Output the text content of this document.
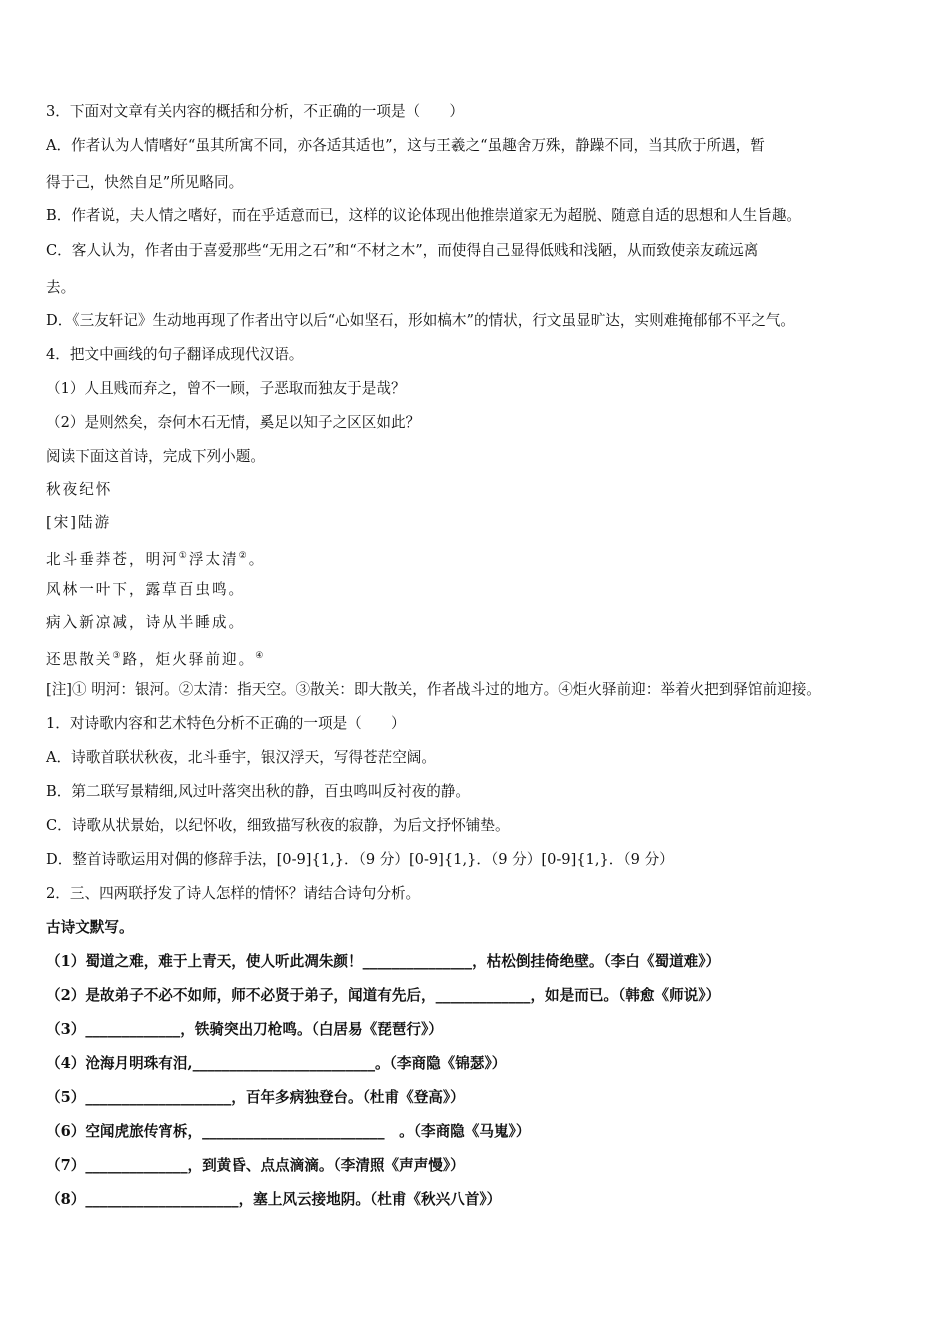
3．下面对文章有关内容的概括和分析，不正确的一项是（　　）
A．作者认为人情嗜好“虽其所寓不同，亦各适其适也”，这与王羲之“虽趣舍万殊，静躁不同，当其欣于所遇，暂
得于己，快然自足”所见略同。
B．作者说，夫人情之嗜好，而在乎适意而已，这样的议论体现出他推崇道家无为超脱、随意自适的思想和人生旨趣。
C．客人认为，作者由于喜爱那些“无用之石”和“不材之木”，而使得自己显得低贱和浅陋，从而致使亲友疏远离
去。
D．《三友轩记》生动地再现了作者出守以后“心如坚石，形如槁木”的情状，行文虽显旷达，实则难掩郁郁不平之气。
4．把文中画线的句子翻译成现代汉语。
（1）人且贱而弃之，曾不一顾，子恶取而独友于是哉？
（2）是则然矣，奈何木石无情，奚足以知子之区区如此？
阅读下面这首诗，完成下列小题。
秋夜纪怀
[宋]陆游
北斗垂莽苍，明河①浮太清②。
风林一叶下，露草百虫鸣。
病入新凉减，诗从半睡成。
还思散关③路，炬火驿前迎。④
[注]① 明河：银河。②太清：指天空。③散关：即大散关，作者战斗过的地方。④炬火驿前迎：举着火把到驿馆前迎接。
1．对诗歌内容和艺术特色分析不正确的一项是（　　）
A．诗歌首联状秋夜，北斗垂宇，银汉浮天，写得苍茫空阔。
B．第二联写景精细,风过叶落突出秋的静，百虫鸣叫反衬夜的静。
C．诗歌从状景始，以纪怀收，细致描写秋夜的寂静，为后文抒怀铺垫。
D．整首诗歌运用对偶的修辞手法，[0-9]{1,}．（9 分）[0-9]{1,}．（9 分）[0-9]{1,}．（9 分）
2．三、四两联抒发了诗人怎样的情怀？请结合诗句分析。
古诗文默写。
（1）蜀道之难，难于上青天，使人听此凋朱颜！_______________，枯松倒挂倚绝壁。（李白《蜀道难》）
（2）是故弟子不必不如师，师不必贤于弟子，闻道有先后，_____________，如是而已。（韩愈《师说》）
（3）_____________，铁骑突出刀枪鸣。（白居易《琵琶行》）
（4）沧海月明珠有泪,_________________________。（李商隐《锦瑟》）
（5）____________________，百年多病独登台。（杜甫《登高》）
（6）空闻虎旅传宵柝，_________________________　。（李商隐《马嵬》）
（7）______________，到黄昏、点点滴滴。（李清照《声声慢》）
（8）_____________________，塞上风云接地阴。（杜甫《秋兴八首》）
